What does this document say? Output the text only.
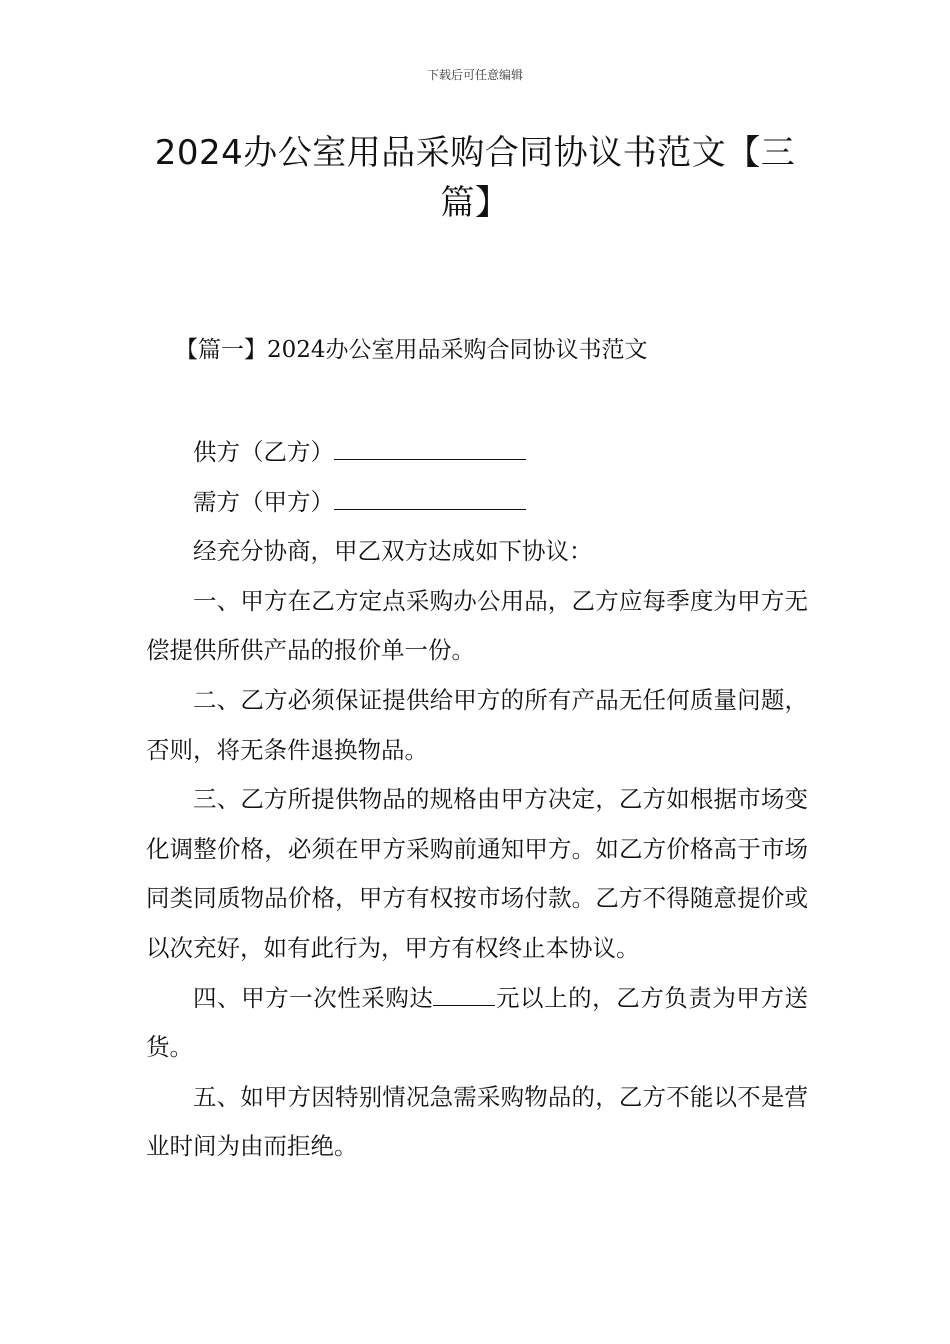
下载后可任意编辑
2024办公室用品采购合同协议书范文【三篇】
【篇一】2024办公室用品采购合同协议书范文

供方（乙方）

需方（甲方）

经充分协商，甲乙双方达成如下协议：

一、甲方在乙方定点采购办公用品，乙方应每季度为甲方无偿提供所供产品的报价单一份。

二、乙方必须保证提供给甲方的所有产品无任何质量问题，否则，将无条件退换物品。

三、乙方所提供物品的规格由甲方决定，乙方如根据市场变化调整价格，必须在甲方采购前通知甲方。如乙方价格高于市场同类同质物品价格，甲方有权按市场付款。乙方不得随意提价或以次充好，如有此行为，甲方有权终止本协议。

四、甲方一次性采购达	元以上的，乙方负责为甲方送货。

五、如甲方因特别情况急需采购物品的，乙方不能以不是营业时间为由而拒绝。
